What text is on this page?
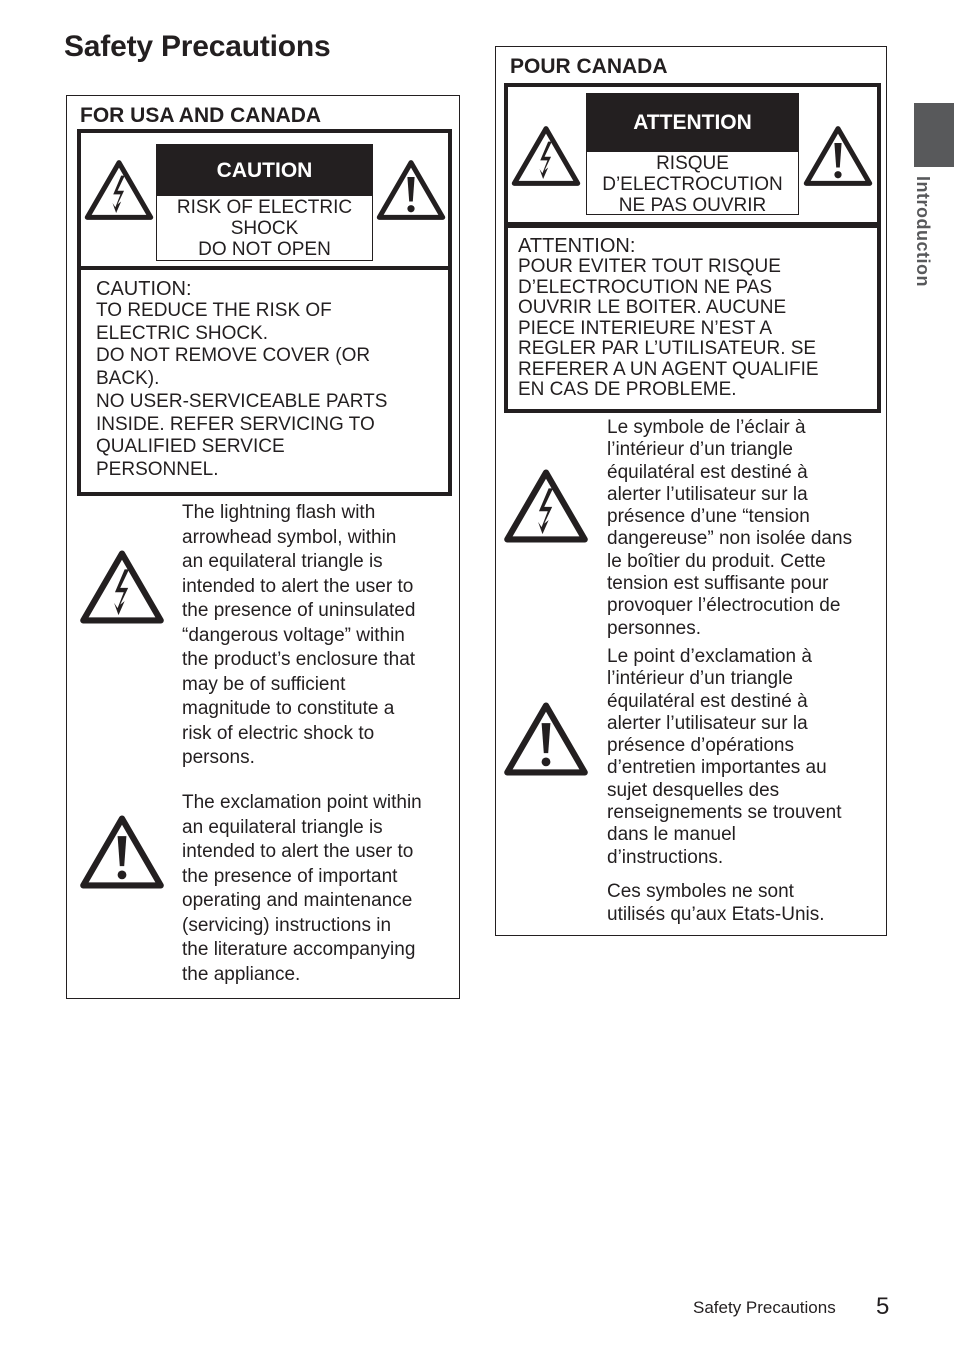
Safety Precautions
Introduction
FOR USA AND CANADA
CAUTION
RISK OF ELECTRIC
SHOCK
DO NOT OPEN
CAUTION:
TO REDUCE THE RISK OF
ELECTRIC SHOCK.
DO NOT REMOVE COVER (OR
BACK).
NO USER-SERVICEABLE PARTS
INSIDE. REFER SERVICING TO
QUALIFIED SERVICE
PERSONNEL.
The lightning flash with
arrowhead symbol, within
an equilateral triangle is
intended to alert the user to
the presence of uninsulated
“dangerous voltage” within
the product’s enclosure that
may be of sufficient
magnitude to constitute a
risk of electric shock to
persons.
The exclamation point within
an equilateral triangle is
intended to alert the user to
the presence of important
operating and maintenance
(servicing) instructions in
the literature accompanying
the appliance.
POUR CANADA
ATTENTION
RISQUE
D’ELECTROCUTION
NE PAS OUVRIR
ATTENTION:
POUR EVITER TOUT RISQUE
D’ELECTROCUTION NE PAS
OUVRIR LE BOITER. AUCUNE
PIECE INTERIEURE N’EST A
REGLER PAR L’UTILISATEUR. SE
REFERER A UN AGENT QUALIFIE
EN CAS DE PROBLEME.
Le symbole de l’éclair à
l’intérieur d’un triangle
équilatéral est destiné à
alerter l’utilisateur sur la
présence d’une “tension
dangereuse” non isolée dans
le boîtier du produit. Cette
tension est suffisante pour
provoquer l’électrocution de
personnes.
Le point d’exclamation à
l’intérieur d’un triangle
équilatéral est destiné à
alerter l’utilisateur sur la
présence d’opérations
d’entretien importantes au
sujet desquelles des
renseignements se trouvent
dans le manuel
d’instructions.
Ces symboles ne sont
utilisés qu’aux Etats-Unis.
Safety Precautions 5
